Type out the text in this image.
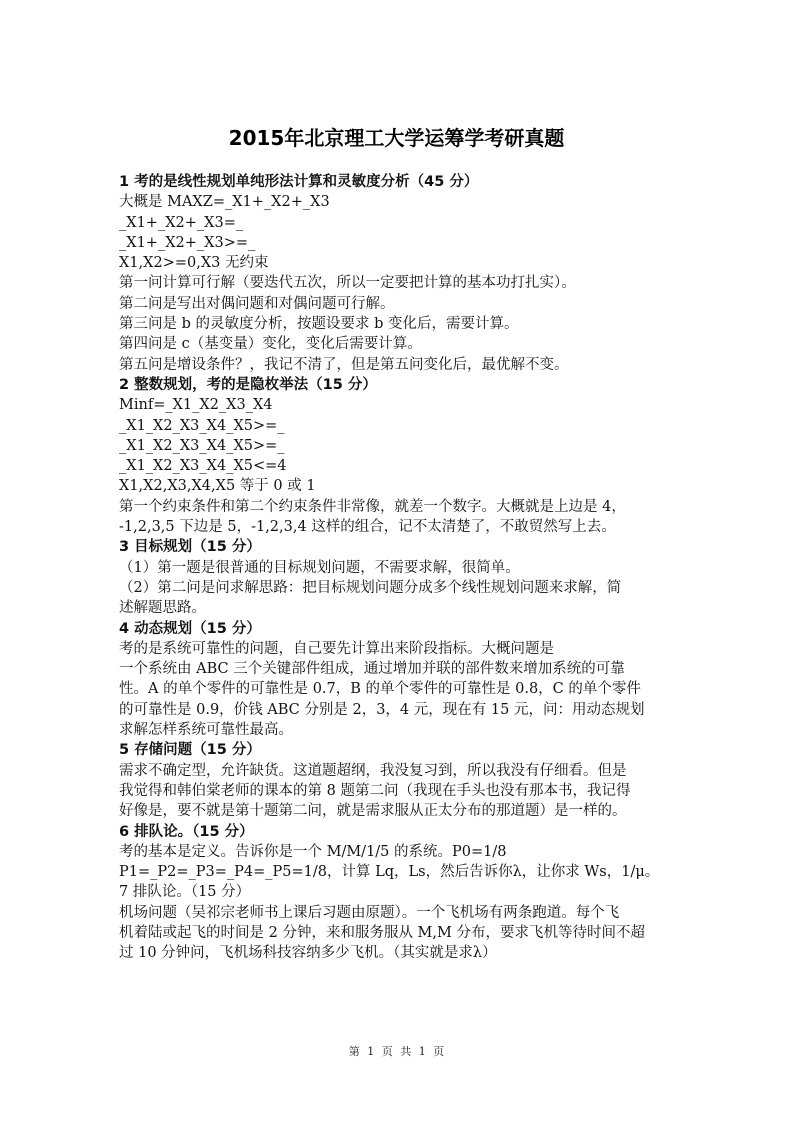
2015年北京理工大学运筹学考研真题
1 考的是线性规划单纯形法计算和灵敏度分析（45 分）
大概是 MAXZ=_X1+_X2+_X3
_X1+_X2+_X3=_
_X1+_X2+_X3>=_
X1,X2>=0,X3 无约束
第一问计算可行解（要迭代五次，所以一定要把计算的基本功打扎实）。
第二问是写出对偶问题和对偶问题可行解。
第三问是 b 的灵敏度分析，按题设要求 b 变化后，需要计算。
第四问是 c（基变量）变化，变化后需要计算。
第五问是增设条件？，我记不清了，但是第五问变化后，最优解不变。
2 整数规划，考的是隐枚举法（15 分）
Minf=_X1_X2_X3_X4
_X1_X2_X3_X4_X5>=_
_X1_X2_X3_X4_X5>=_
_X1_X2_X3_X4_X5<=4
X1,X2,X3,X4,X5 等于 0 或 1
第一个约束条件和第二个约束条件非常像，就差一个数字。大概就是上边是 4，
-1,2,3,5 下边是 5，-1,2,3,4 这样的组合，记不太清楚了，不敢贸然写上去。
3 目标规划（15 分）
（1）第一题是很普通的目标规划问题，不需要求解，很简单。
（2）第二问是问求解思路：把目标规划问题分成多个线性规划问题来求解，简
述解题思路。
4 动态规划（15 分）
考的是系统可靠性的问题，自己要先计算出来阶段指标。大概问题是
一个系统由 ABC 三个关键部件组成，通过增加并联的部件数来增加系统的可靠
性。A 的单个零件的可靠性是 0.7，B 的单个零件的可靠性是 0.8，C 的单个零件
的可靠性是 0.9，价钱 ABC 分别是 2，3，4 元，现在有 15 元，问：用动态规划
求解怎样系统可靠性最高。
5 存储问题（15 分）
需求不确定型，允许缺货。这道题超纲，我没复习到，所以我没有仔细看。但是
我觉得和韩伯棠老师的课本的第 8 题第二问（我现在手头也没有那本书，我记得
好像是，要不就是第十题第二问，就是需求服从正太分布的那道题）是一样的。
6 排队论。（15 分）
考的基本是定义。告诉你是一个 M/M/1/5 的系统。P0=1/8
P1=_P2=_P3=_P4=_P5=1/8，计算 Lq，Ls，然后告诉你λ，让你求 Ws，1/μ。
7 排队论。（15 分）
机场问题（吴祁宗老师书上课后习题由原题）。一个飞机场有两条跑道。每个飞
机着陆或起飞的时间是 2 分钟，来和服务服从 M,M 分布，要求飞机等待时间不超
过 10 分钟问，飞机场科技容纳多少飞机。（其实就是求λ）
第 1 页 共 1 页
